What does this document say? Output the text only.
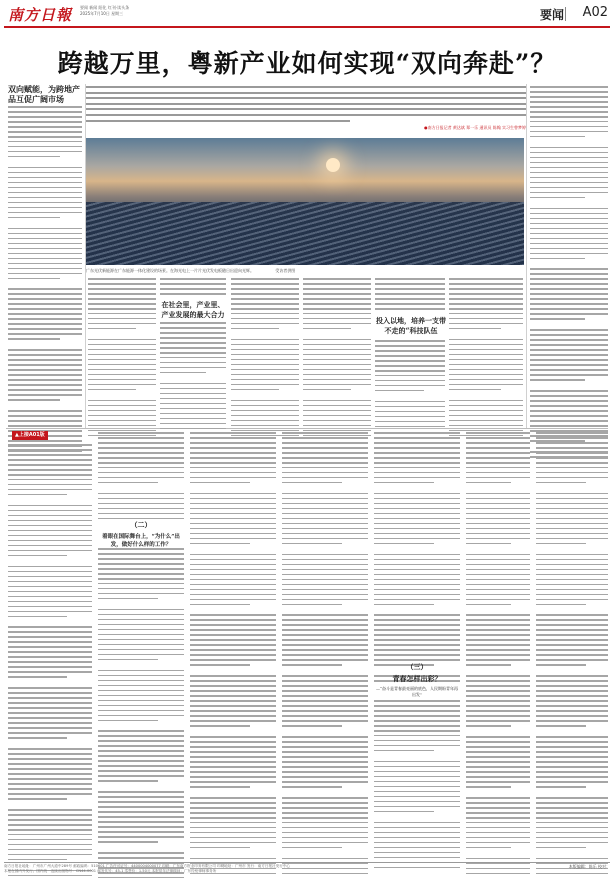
南方日報 要闻 新闻 阳化 红刊·读头条
2025年7月10日 星期三	要闻 A02
跨越万里，粤新产业如何实现“双向奔赴”？
双向赋能，为跨地产品互促广阔市场
●南方日报记者 黄达斌 郑一乐 通讯员 陈翰 实习生曾梦婷
广东光伏新能源在广东能源一体化建设的场景。在海光电上一片片光伏发电板随日出迎向光辉。	受访者供图
在社会里，产业里、产业发展的最大合力
投入以地，培养一支带不走的“科技队伍
▲上接A01版
（二）
着眼在国际舞台上，“为什么”出发，做好什么样的工作？
（三）
青春怎样出彩？
—“奋斗是青春最亮丽的底色，人民期盼青年再出发”
南方日报社地址：广州市广州大道中289号 邮政编码：510601 广告许可证号：4400004000077 印刷：广东南方报业印务有限公司 印刷地址：广州市 发行：南方日报社发行中心
本报在国内外发行。国内统一连续出版物号：CN44-0001 邮发代号：45-1 零售价：1.50元 本报常年法律顾问：广东经纶律师事务所
本版编辑：陈乐 校对：
